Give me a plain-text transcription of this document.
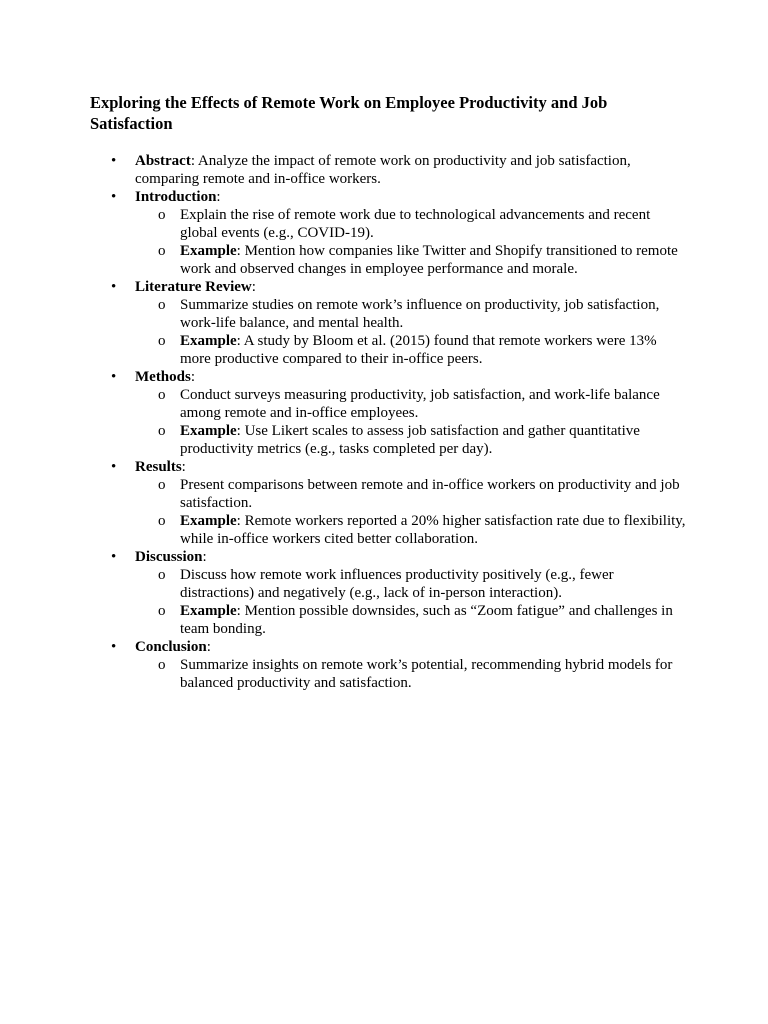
Exploring the Effects of Remote Work on Employee Productivity and Job Satisfaction
• Abstract: Analyze the impact of remote work on productivity and job satisfaction, comparing remote and in-office workers.
• Introduction:
o Explain the rise of remote work due to technological advancements and recent global events (e.g., COVID-19).
o Example: Mention how companies like Twitter and Shopify transitioned to remote work and observed changes in employee performance and morale.
• Literature Review:
o Summarize studies on remote work’s influence on productivity, job satisfaction, work-life balance, and mental health.
o Example: A study by Bloom et al. (2015) found that remote workers were 13% more productive compared to their in-office peers.
• Methods:
o Conduct surveys measuring productivity, job satisfaction, and work-life balance among remote and in-office employees.
o Example: Use Likert scales to assess job satisfaction and gather quantitative productivity metrics (e.g., tasks completed per day).
• Results:
o Present comparisons between remote and in-office workers on productivity and job satisfaction.
o Example: Remote workers reported a 20% higher satisfaction rate due to flexibility, while in-office workers cited better collaboration.
• Discussion:
o Discuss how remote work influences productivity positively (e.g., fewer distractions) and negatively (e.g., lack of in-person interaction).
o Example: Mention possible downsides, such as “Zoom fatigue” and challenges in team bonding.
• Conclusion:
o Summarize insights on remote work’s potential, recommending hybrid models for balanced productivity and satisfaction.
